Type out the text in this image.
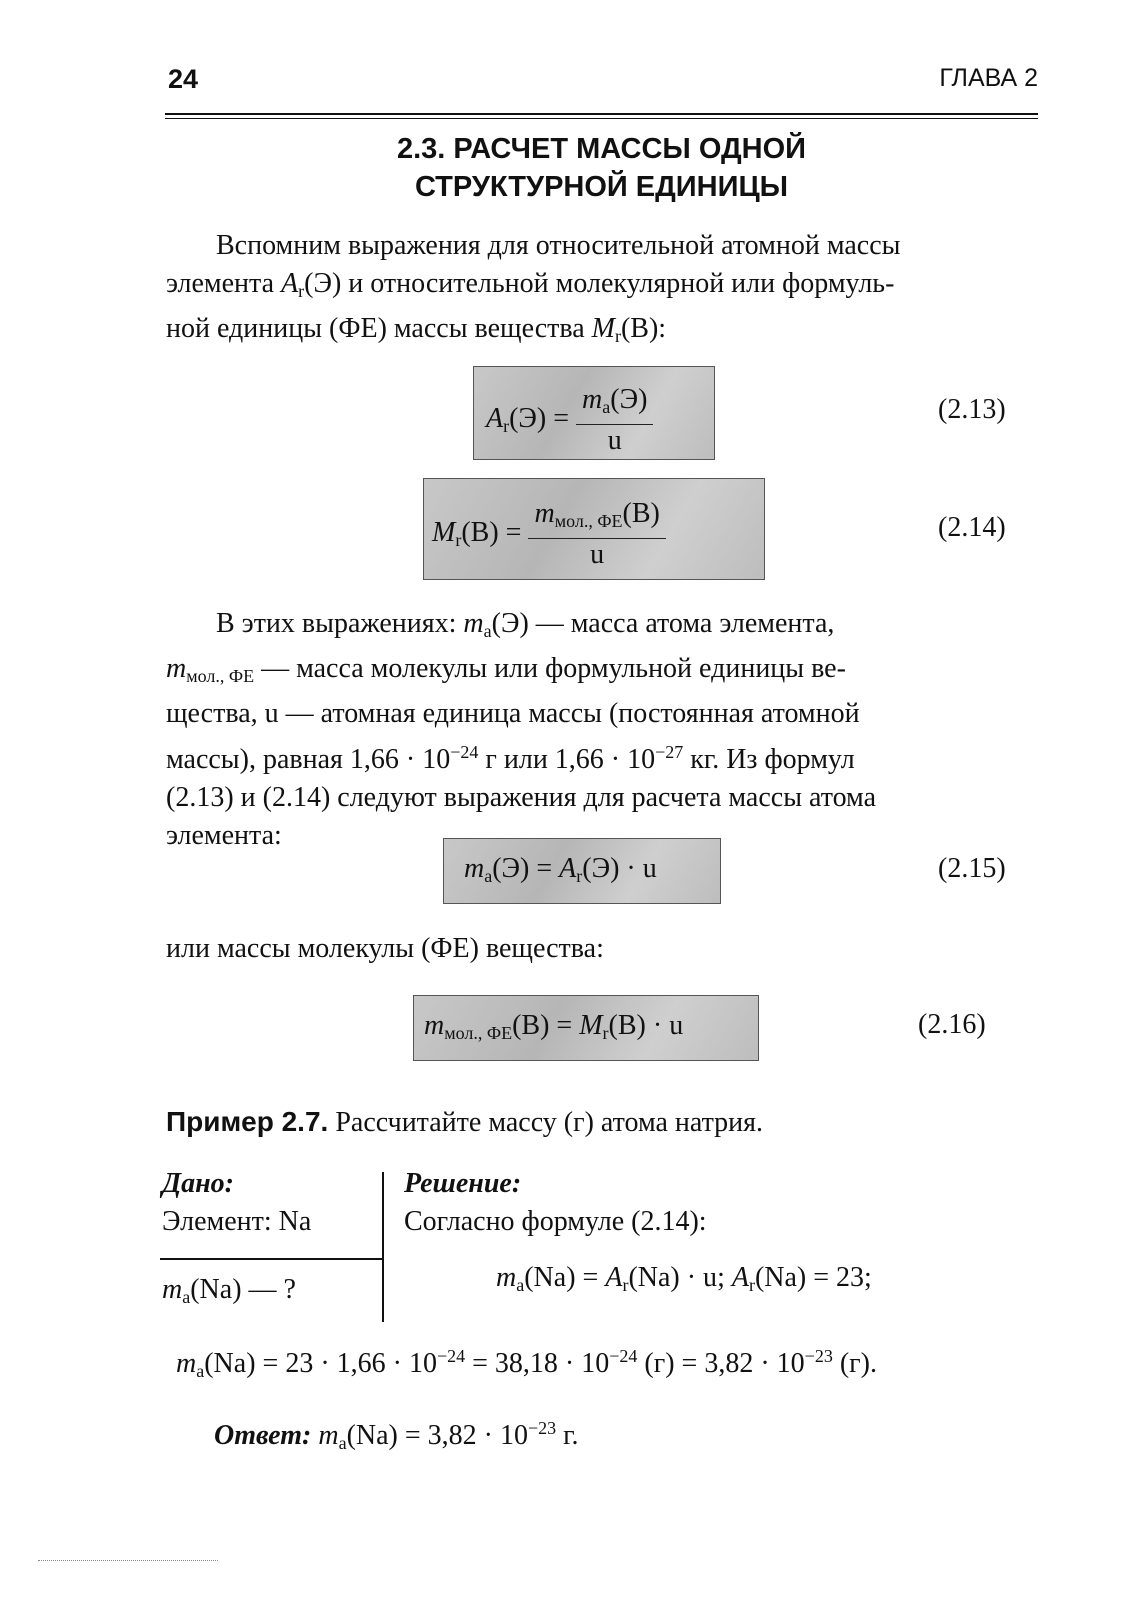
24	ГЛАВА 2
2.3. РАСЧЕТ МАССЫ ОДНОЙ
СТРУКТУРНОЙ ЕДИНИЦЫ
Вспомним выражения для относительной атомной массы
элемента $A_r(Э)$ и относительной молекулярной или формуль-
ной единицы (ФЕ) массы вещества $M_r(B)$:
$A_r(Э) = \frac{m_a(Э)}{u}$	(2.13)
$M_r(B) = \frac{m_{мол., ФЕ}(B)}{u}$	(2.14)
В этих выражениях: $m_a(Э)$ — масса атома элемента,
$m_{мол., ФЕ}$ — масса молекулы или формульной единицы ве-
щества, u — атомная единица массы (постоянная атомной
массы), равная $1,66 \cdot 10^{-24}$ г или $1,66 \cdot 10^{-27}$ кг. Из формул
(2.13) и (2.14) следуют выражения для расчета массы атома
элемента:
$m_a(Э) = A_r(Э) \cdot u$	(2.15)
или массы молекулы (ФЕ) вещества:
$m_{мол., ФЕ}(B) = M_r(B) \cdot u$	(2.16)
Пример 2.7. Рассчитайте массу (г) атома натрия.
Дано:
Элемент: Na
$m_a(Na)$ — ?
Решение:
Согласно формуле (2.14):
$m_a(Na) = A_r(Na) \cdot u$; $A_r(Na) = 23$;
$m_a(Na) = 23 \cdot 1,66 \cdot 10^{-24} = 38,18 \cdot 10^{-24}$ $(г) = 3,82 \cdot 10^{-23}$ (г).
Ответ: $m_a(Na) = 3,82 \cdot 10^{-23}$ г.
